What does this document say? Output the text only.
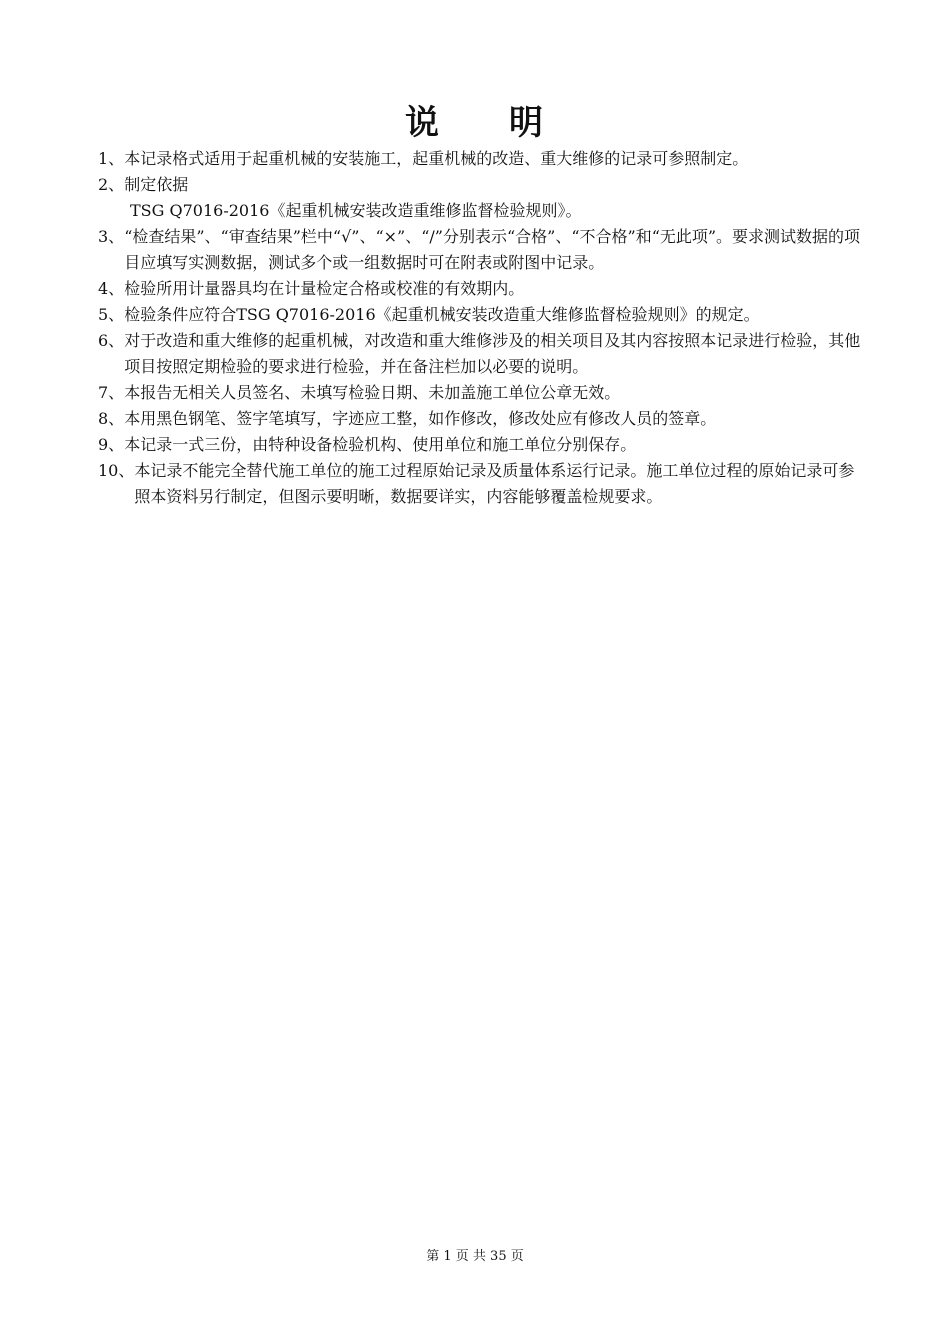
说 明
1、 本记录格式适用于起重机械的安装施工，起重机械的改造、重大维修的记录可参照制定。
2、 制定依据
TSG Q7016-2016《起重机械安装改造重维修监督检验规则》。
3、 “检查结果”、“审查结果”栏中“√”、“×”、“/”分别表示“合格”、“不合格”和“无此项”。要求测试数据的项目应填写实测数据，测试多个或一组数据时可在附表或附图中记录。
4、 检验所用计量器具均在计量检定合格或校准的有效期内。
5、 检验条件应符合TSG Q7016-2016《起重机械安装改造重大维修监督检验规则》的规定。
6、 对于改造和重大维修的起重机械，对改造和重大维修涉及的相关项目及其内容按照本记录进行检验，其他项目按照定期检验的要求进行检验，并在备注栏加以必要的说明。
7、 本报告无相关人员签名、未填写检验日期、未加盖施工单位公章无效。
8、 本用黑色钢笔、签字笔填写，字迹应工整，如作修改，修改处应有修改人员的签章。
9、 本记录一式三份，由特种设备检验机构、使用单位和施工单位分别保存。
10、 本记录不能完全替代施工单位的施工过程原始记录及质量体系运行记录。施工单位过程的原始记录可参照本资料另行制定，但图示要明晰，数据要详实，内容能够覆盖检规要求。
第 1 页 共 35 页
